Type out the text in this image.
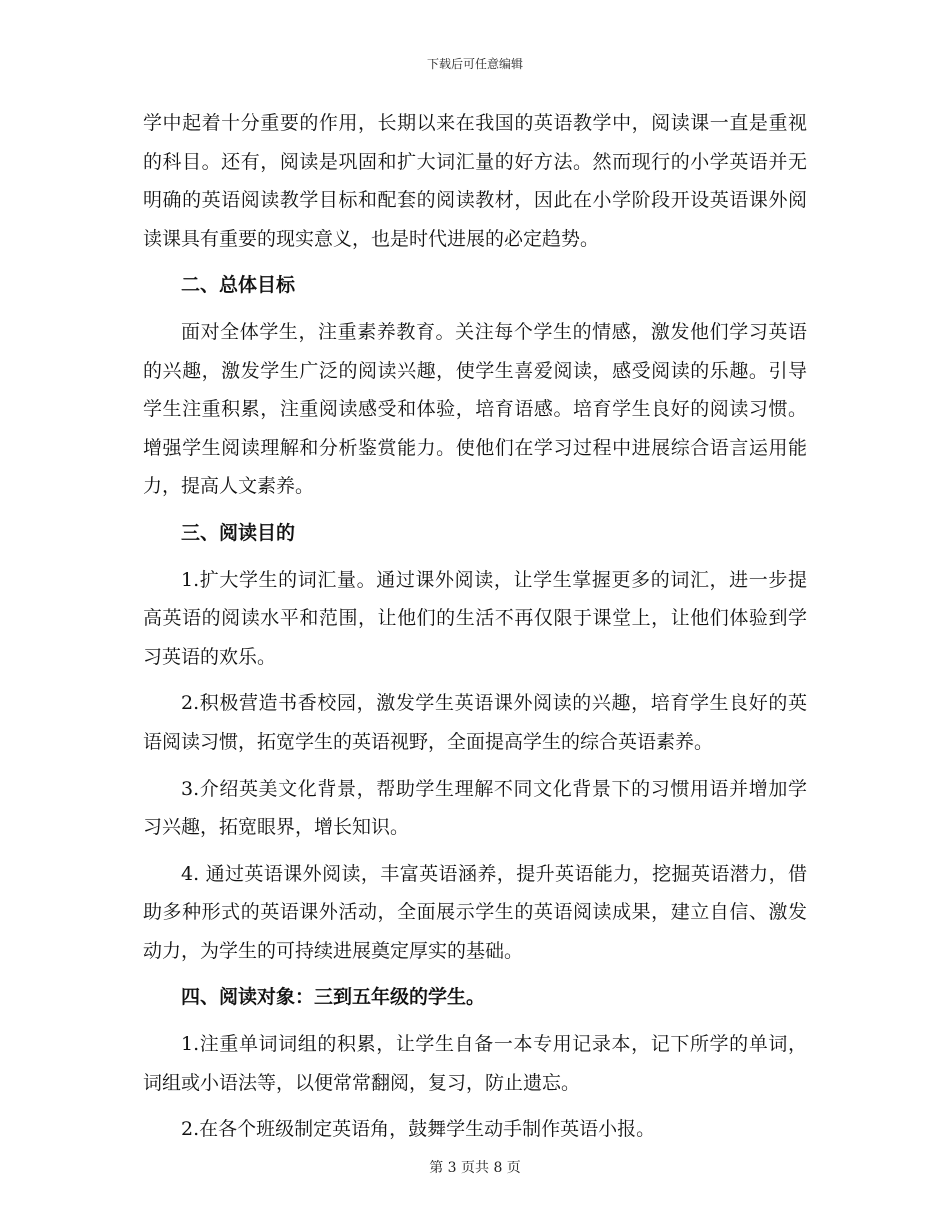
下载后可任意编辑

学中起着十分重要的作用，长期以来在我国的英语教学中，阅读课一直是重视的科目。还有，阅读是巩固和扩大词汇量的好方法。然而现行的小学英语并无明确的英语阅读教学目标和配套的阅读教材，因此在小学阶段开设英语课外阅读课具有重要的现实意义，也是时代进展的必定趋势。

二、总体目标

面对全体学生，注重素养教育。关注每个学生的情感，激发他们学习英语的兴趣，激发学生广泛的阅读兴趣，使学生喜爱阅读，感受阅读的乐趣。引导学生注重积累，注重阅读感受和体验，培育语感。培育学生良好的阅读习惯。增强学生阅读理解和分析鉴赏能力。使他们在学习过程中进展综合语言运用能力，提高人文素养。

三、阅读目的

1.扩大学生的词汇量。通过课外阅读，让学生掌握更多的词汇，进一步提高英语的阅读水平和范围，让他们的生活不再仅限于课堂上，让他们体验到学习英语的欢乐。

2.积极营造书香校园，激发学生英语课外阅读的兴趣，培育学生良好的英语阅读习惯，拓宽学生的英语视野，全面提高学生的综合英语素养。

3.介绍英美文化背景，帮助学生理解不同文化背景下的习惯用语并增加学习兴趣，拓宽眼界，增长知识。

4. 通过英语课外阅读，丰富英语涵养，提升英语能力，挖掘英语潜力，借助多种形式的英语课外活动，全面展示学生的英语阅读成果，建立自信、激发动力，为学生的可持续进展奠定厚实的基础。

四、阅读对象：三到五年级的学生。

1.注重单词词组的积累，让学生自备一本专用记录本，记下所学的单词，词组或小语法等，以便常常翻阅，复习，防止遗忘。

2.在各个班级制定英语角，鼓舞学生动手制作英语小报。

第 3 页共 8 页
